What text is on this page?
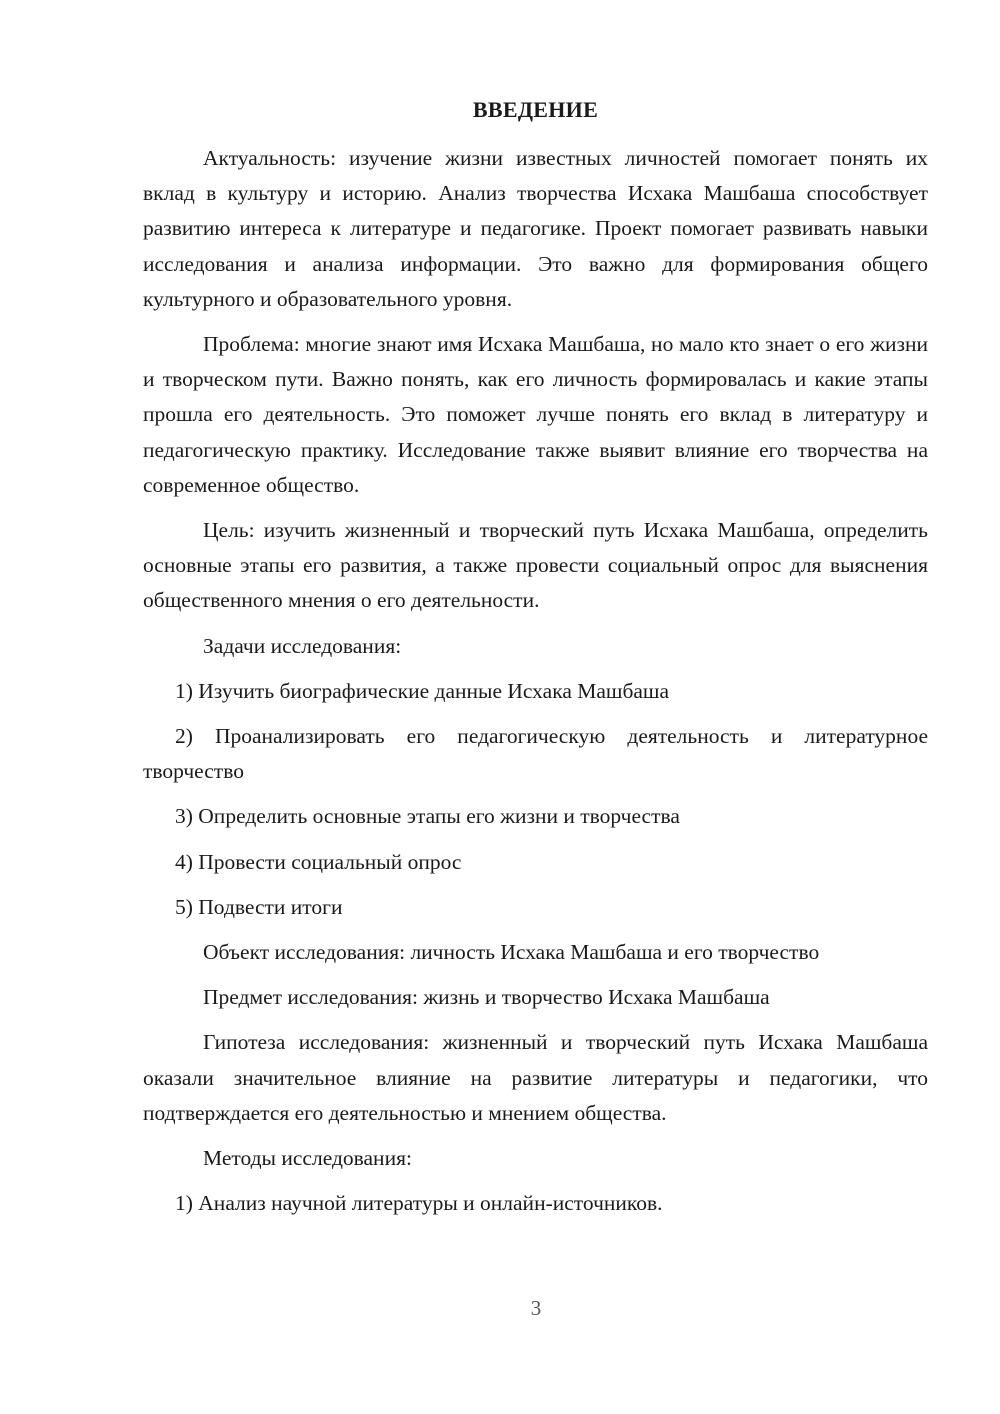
ВВЕДЕНИЕ

Актуальность: изучение жизни известных личностей помогает понять их вклад в культуру и историю. Анализ творчества Исхака Машбаша способствует развитию интереса к литературе и педагогике. Проект помогает развивать навыки исследования и анализа информации. Это важно для формирования общего культурного и образовательного уровня.

Проблема: многие знают имя Исхака Машбаша, но мало кто знает о его жизни и творческом пути. Важно понять, как его личность формировалась и какие этапы прошла его деятельность. Это поможет лучше понять его вклад в литературу и педагогическую практику. Исследование также выявит влияние его творчества на современное общество.

Цель: изучить жизненный и творческий путь Исхака Машбаша, определить основные этапы его развития, а также провести социальный опрос для выяснения общественного мнения о его деятельности.

Задачи исследования:

1) Изучить биографические данные Исхака Машбаша

2) Проанализировать его педагогическую деятельность и литературное творчество

3) Определить основные этапы его жизни и творчества

4) Провести социальный опрос

5) Подвести итоги

Объект исследования: личность Исхака Машбаша и его творчество

Предмет исследования: жизнь и творчество Исхака Машбаша

Гипотеза исследования: жизненный и творческий путь Исхака Машбаша оказали значительное влияние на развитие литературы и педагогики, что подтверждается его деятельностью и мнением общества.

Методы исследования:

1) Анализ научной литературы и онлайн-источников.

3
